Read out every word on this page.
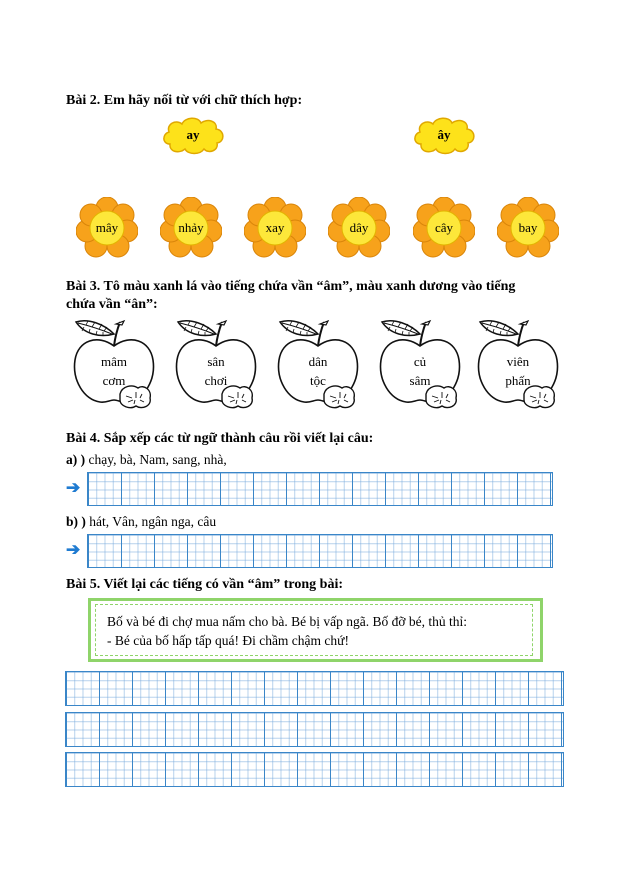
Bài 2. Em hãy nối từ với chữ thích hợp:
ay	ây
mây	nhảy	xay	dây	cây	bay
Bài 3. Tô màu xanh lá vào tiếng chứa vần “âm”, màu xanh dương vào tiếng
chứa vần “ân”:
mâm
cơm
sân
chơi
dân
tộc
củ
sâm
viên
phấn
Bài 4. Sắp xếp các từ ngữ thành câu rồi viết lại câu:
a) ) chạy, bà, Nam, sang, nhà,
➔
b) ) hát, Vân, ngân nga, câu
➔
Bài 5. Viết lại các tiếng có vần “âm” trong bài:
Bố và bé đi chợ mua nấm cho bà. Bé bị vấp ngã. Bố đỡ bé, thủ thỉ:
- Bé của bố hấp tấp quá! Đi chầm chậm chứ!
